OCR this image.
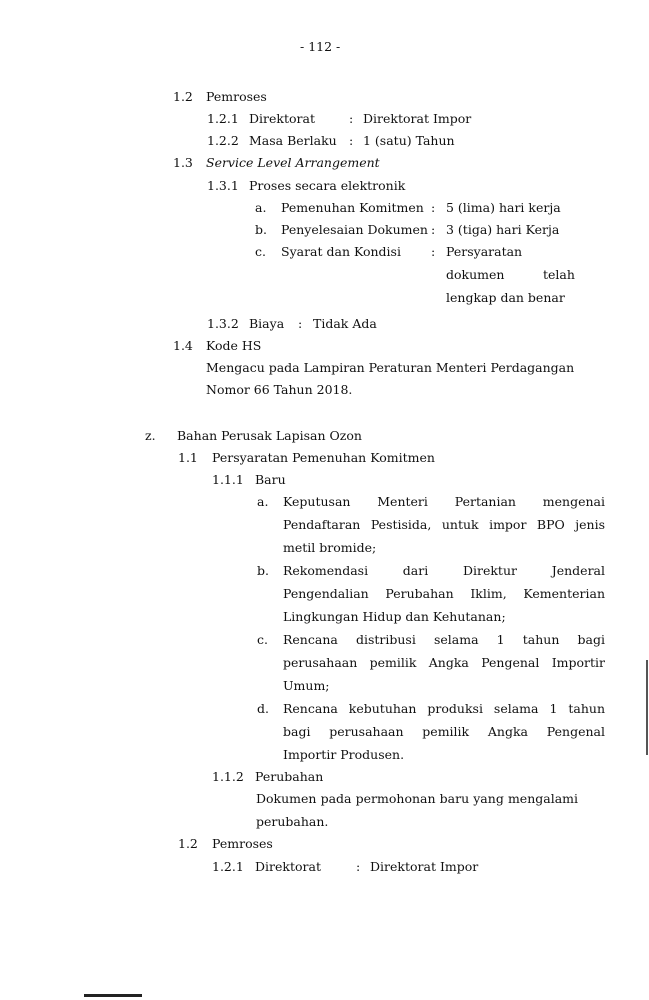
- 112 -
1.2 Pemroses
1.2.1 Direktorat	: Direktorat Impor
1.2.2 Masa Berlaku : 1 (satu) Tahun
1.3 Service Level Arrangement
1.3.1 Proses secara elektronik
a. Pemenuhan Komitmen : 5 (lima) hari kerja
b. Penyelesaian Dokumen : 3 (tiga) hari Kerja
c. Syarat dan Kondisi : Persyaratan
dokumen	telah
lengkap dan benar
1.3.2 Biaya : Tidak Ada
1.4 Kode HS
Mengacu pada Lampiran Peraturan Menteri Perdagangan
Nomor 66 Tahun 2018.
z. Bahan Perusak Lapisan Ozon
1.1 Persyaratan Pemenuhan Komitmen
1.1.1 Baru
a. Keputusan Menteri Pertanian mengenai
Pendaftaran Pestisida, untuk impor BPO jenis
metil bromide;
b. Rekomendasi dari Direktur Jenderal
Pengendalian Perubahan Iklim, Kementerian
Lingkungan Hidup dan Kehutanan;
c. Rencana distribusi selama 1 tahun bagi
perusahaan pemilik Angka Pengenal Importir
Umum;
d. Rencana kebutuhan produksi selama 1 tahun
bagi perusahaan pemilik Angka Pengenal
Importir Produsen.
1.1.2 Perubahan
Dokumen pada permohonan baru yang mengalami
perubahan.
1.2 Pemroses
1.2.1 Direktorat	: Direktorat Impor
